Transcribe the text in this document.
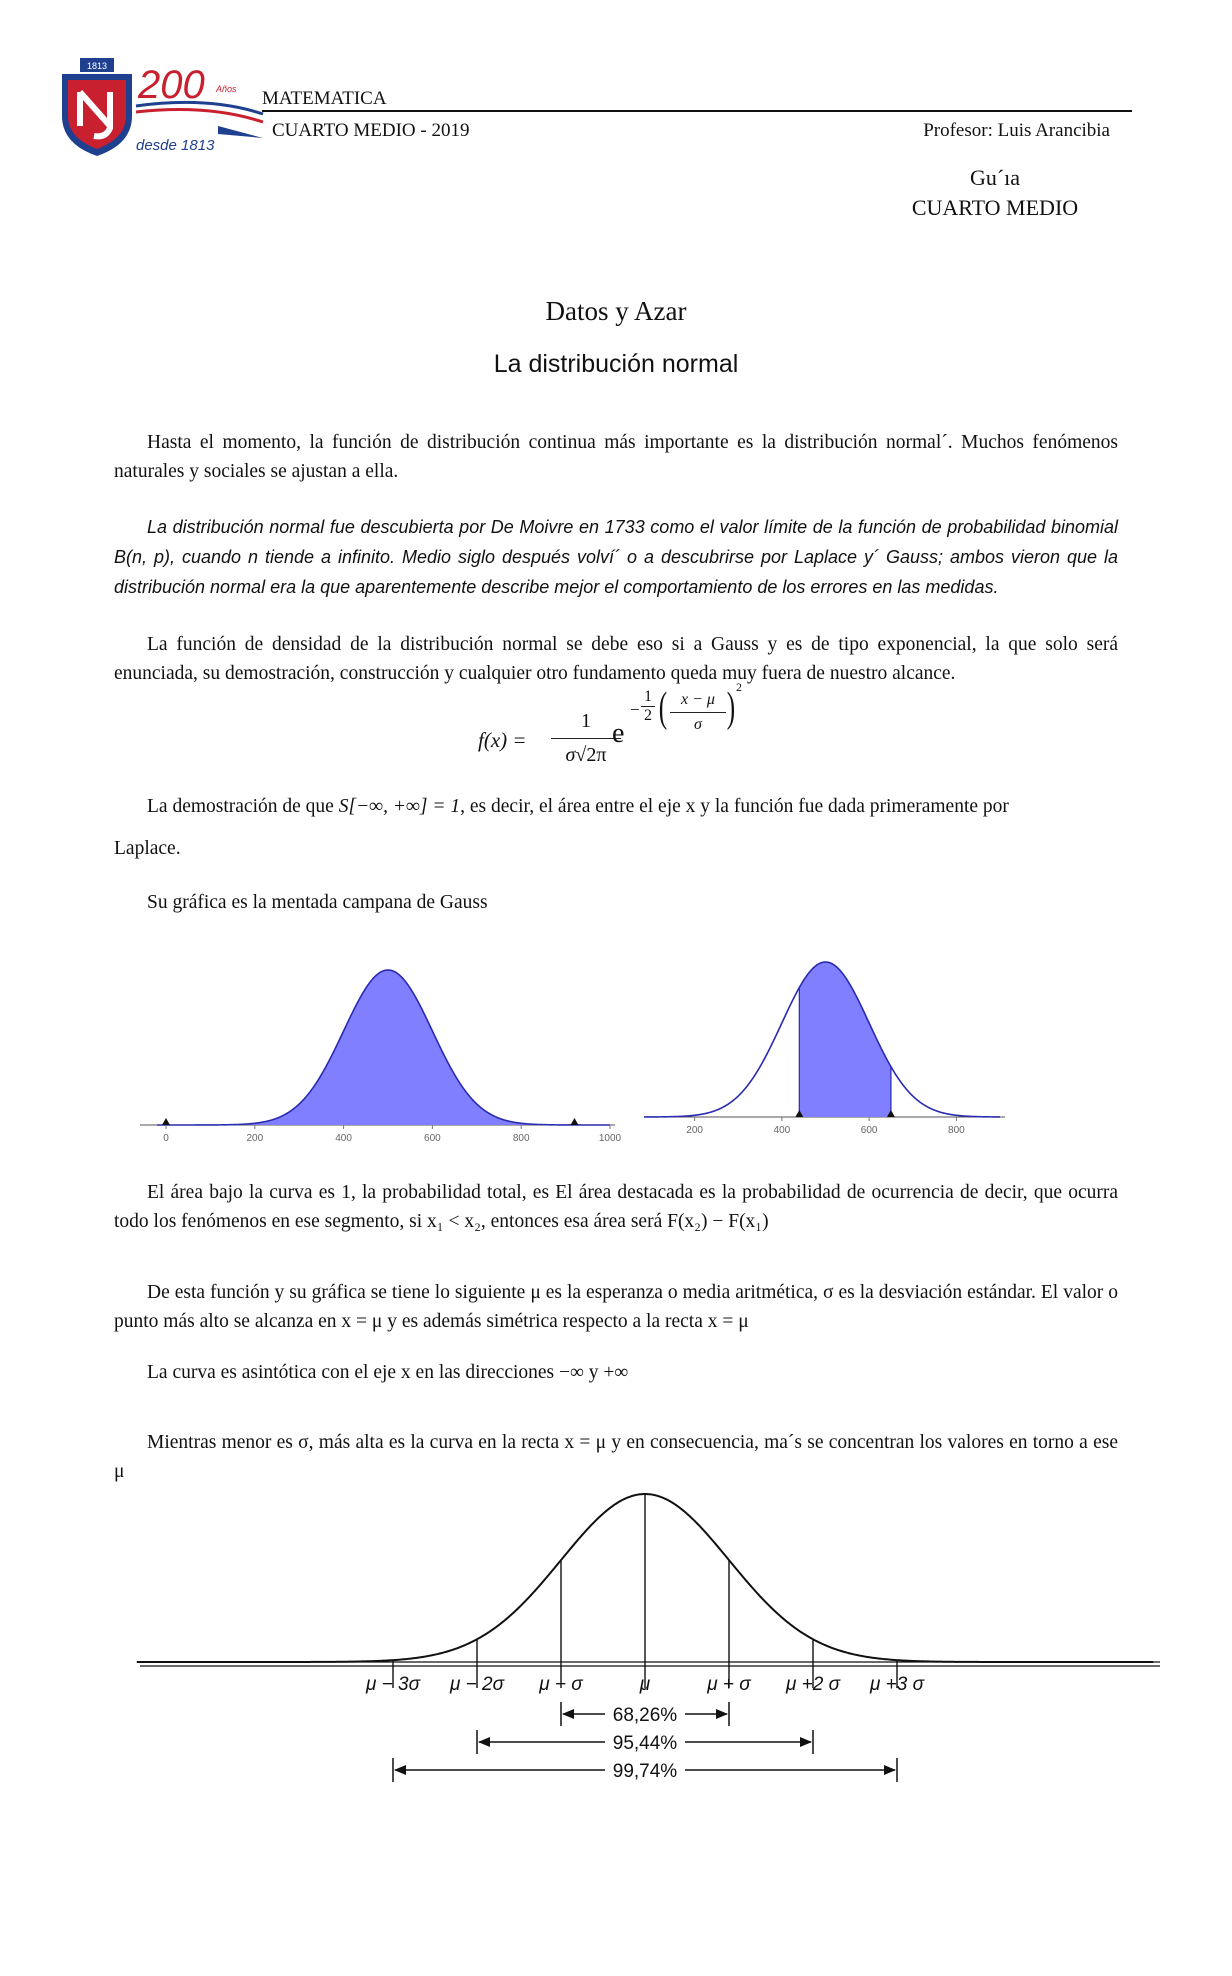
1813 200 Años
desde 1813
MATEMATICA
CUARTO MEDIO - 2019	Profesor: Luis Arancibia
Gu´ıa
CUARTO MEDIO
Datos y Azar
La distribución normal
Hasta el momento, la función de distribución continua más importante es la distribución normal´. Muchos fenómenos naturales y sociales se ajustan a ella.
La distribución normal fue descubierta por De Moivre en 1733 como el valor límite de la función de probabilidad binomial B(n, p), cuando n tiende a infinito. Medio siglo después volví´ o a descubrirse por Laplace y´ Gauss; ambos vieron que la distribución normal era la que aparentemente describe mejor el comportamiento de los errores en las medidas.
La función de densidad de la distribución normal se debe eso si a Gauss y es de tipo exponencial, la que solo será enunciada, su demostración, construcción y cualquier otro fundamento queda muy fuera de nuestro alcance.
f(x) =
1
σ√2π
e
−
1
2 ( x − μ
σ ) 2
La demostración de que S[−∞, +∞] = 1, es decir, el área entre el eje x y la función fue dada primeramente por
Laplace.
Su gráfica es la mentada campana de Gauss
0	200	400	600	800	1000
200	400	600	800
El área bajo la curva es 1, la probabilidad total, es El área destacada es la probabilidad de ocurrencia de decir, que ocurra todo los fenómenos en ese segmento, si x₁ < x₂, entonces esa área será F(x₂) − F(x₁)
De esta función y su gráfica se tiene lo siguiente μ es la esperanza o media aritmética, σ es la desviación estándar. El valor o punto más alto se alcanza en x = μ y es además simétrica respecto a la recta x = μ
La curva es asintótica con el eje x en las direcciones −∞ y +∞
Mientras menor es σ, más alta es la curva en la recta x = μ y en consecuencia, ma´s se concentran los valores en torno a ese μ
μ − 3σ μ − 2σ μ − σ	μ	μ + σ μ +2 σ μ +3 σ
68,26%
95,44%
99,74%
